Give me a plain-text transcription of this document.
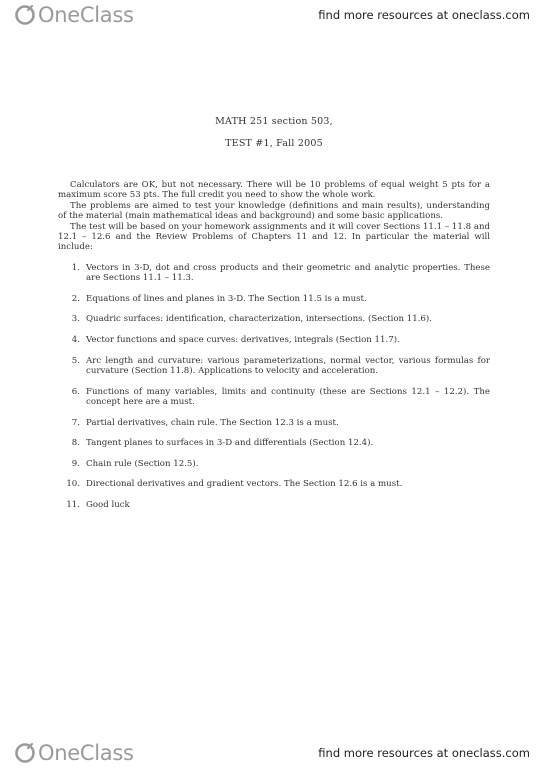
OneClass	find more resources at oneclass.com
MATH 251 section 503,
TEST #1, Fall 2005

Calculators are OK, but not necessary. There will be 10 problems of equal weight 5 pts for a maximum score 53 pts. The full credit you need to show the whole work.

The problems are aimed to test your knowledge (definitions and main results), understanding of the material (main mathematical ideas and background) and some basic applications.

The test will be based on your homework assignments and it will cover Sections 11.1 – 11.8 and 12.1 – 12.6 and the Review Problems of Chapters 11 and 12. In particular the material will include:

1. Vectors in 3-D, dot and cross products and their geometric and analytic properties. These are Sections 11.1 – 11.3.
2. Equations of lines and planes in 3-D. The Section 11.5 is a must.
3. Quadric surfaces: identification, characterization, intersections. (Section 11.6).
4. Vector functions and space curves: derivatives, integrals (Section 11.7).
5. Arc length and curvature: various parameterizations, normal vector, various formulas for curvature (Section 11.8). Applications to velocity and acceleration.
6. Functions of many variables, limits and continuity (these are Sections 12.1 – 12.2). The concept here are a must.
7. Partial derivatives, chain rule. The Section 12.3 is a must.
8. Tangent planes to surfaces in 3-D and differentials (Section 12.4).
9. Chain rule (Section 12.5).
10. Directional derivatives and gradient vectors. The Section 12.6 is a must.
11. Good luck
OneClass	find more resources at oneclass.com
